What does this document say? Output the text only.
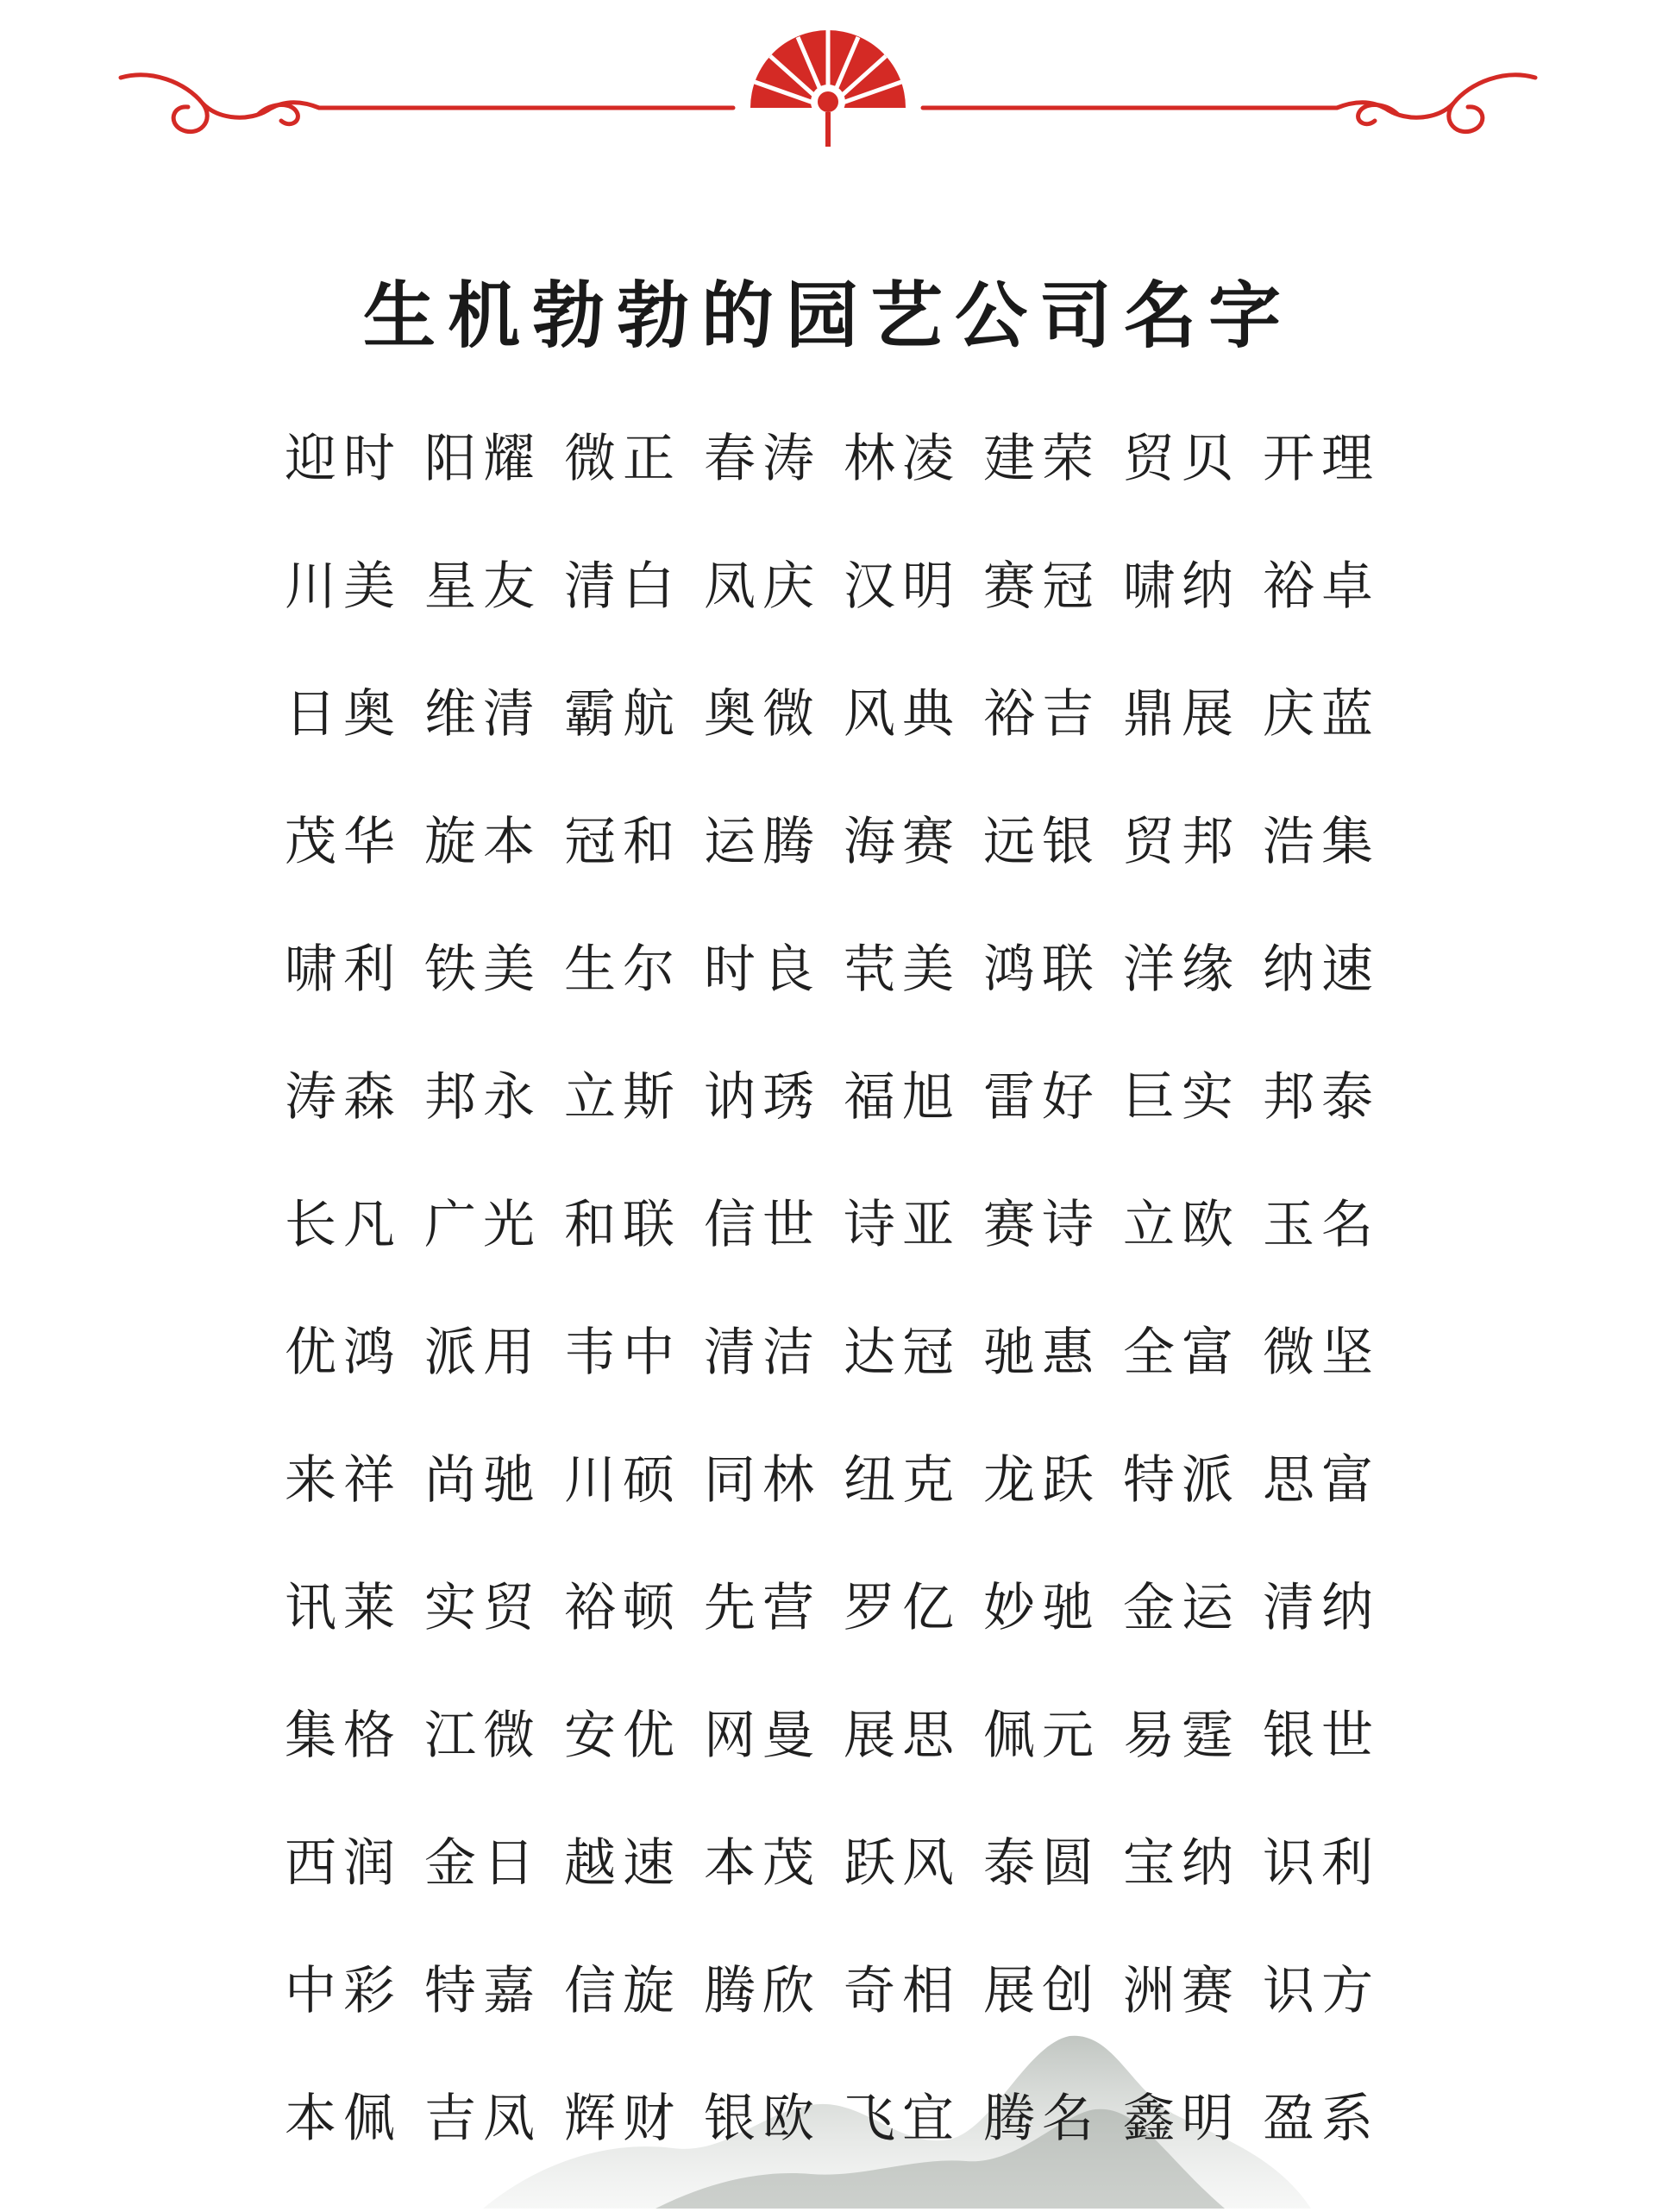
生机勃勃的园艺公司名字
迎时 阳耀 微正 春涛 林凌 建荣 贸贝 开理
川美 星友 清白 凤庆 汉明 赛冠 啸纳 裕卓
日奥 维清 霸航 奥微 风典 裕吉 鼎展 庆蓝
茂华 旋本 冠和 运腾 海赛 远银 贸邦 浩集
啸利 铁美 生尔 时良 茕美 鸿联 洋缘 纳速
涛森 邦永 立斯 讷琇 福旭 雷好 巨实 邦泰
长凡 广光 和联 信世 诗亚 赛诗 立欧 玉名
优鸿 派用 韦中 清洁 达冠 驰惠 全富 微坚
来祥 尚驰 川硕 同林 纽克 龙跃 特派 思富
讯莱 实贸 裕顿 先营 罗亿 妙驰 金运 清纳
集格 江微 安优 网曼 展思 佩元 易霆 银世
西润 金日 越速 本茂 跃风 泰圆 宝纳 识利
中彩 特嘉 信旋 腾欣 奇相 展创 洲赛 识方
本佩 吉凤 辉财 银欧 飞宜 腾名 鑫明 盈系
